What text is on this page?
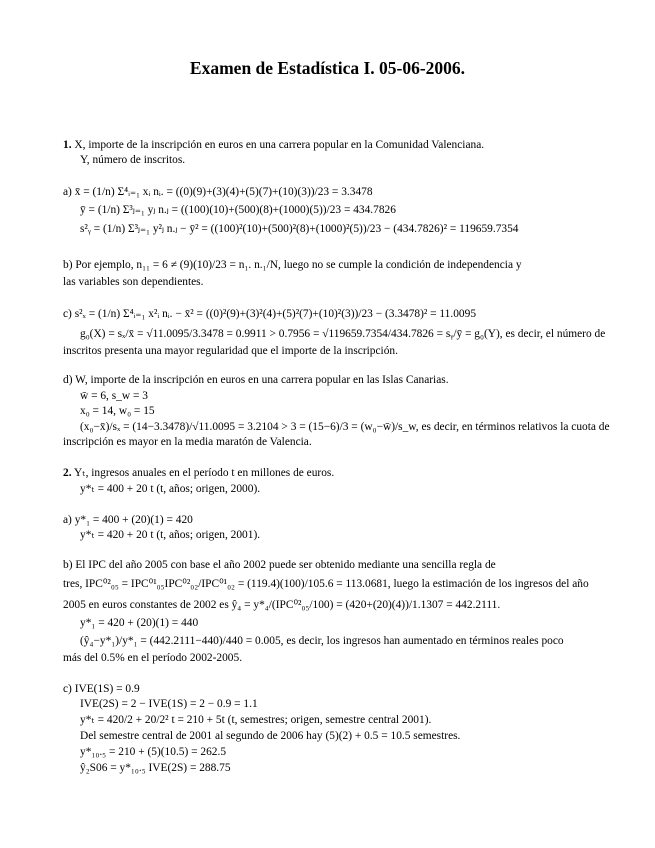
Examen de Estadística I. 05-06-2006.
1. X, importe de la inscripción en euros en una carrera popular en la Comunidad Valenciana.
Y, número de inscritos.
a) x̄ = (1/n) Σ⁴ᵢ₌₁ xᵢ nᵢ. = ((0)(9)+(3)(4)+(5)(7)+(10)(3))/23 = 3.3478
ȳ = (1/n) Σ³ⱼ₌₁ yⱼ n.ⱼ = ((100)(10)+(500)(8)+(1000)(5))/23 = 434.7826
s²ᵧ = (1/n) Σ³ⱼ₌₁ y²ⱼ n.ⱼ − ȳ² = ((100)²(10)+(500)²(8)+(1000)²(5))/23 − (434.7826)² = 119659.7354
b) Por ejemplo, n₁₁ = 6 ≠ (9)(10)/23 = n₁. n.₁/N, luego no se cumple la condición de independencia y
las variables son dependientes.
c) s²ₓ = (1/n) Σ⁴ᵢ₌₁ x²ᵢ nᵢ. − x̄² = ((0)²(9)+(3)²(4)+(5)²(7)+(10)²(3))/23 − (3.3478)² = 11.0095
g₀(X) = sₓ/x̄ = √11.0095/3.3478 = 0.9911 > 0.7956 = √119659.7354/434.7826 = sᵧ/ȳ = g₀(Y), es decir, el número de
inscritos presenta una mayor regularidad que el importe de la inscripción.
d) W, importe de la inscripción en euros en una carrera popular en las Islas Canarias.
w̄ = 6, s_w = 3
x₀ = 14, w₀ = 15
(x₀−x̄)/sₓ = (14−3.3478)/√11.0095 = 3.2104 > 3 = (15−6)/3 = (w₀−w̄)/s_w, es decir, en términos relativos la cuota de
inscripción es mayor en la media maratón de Valencia.
2. Yₜ, ingresos anuales en el período t en millones de euros.
y*ₜ = 400 + 20 t (t, años; origen, 2000).
a) y*₁ = 400 + (20)(1) = 420
y*ₜ = 420 + 20 t (t, años; origen, 2001).
b) El IPC del año 2005 con base el año 2002 puede ser obtenido mediante una sencilla regla de
tres, IPC⁰²₀₅ = IPC⁰¹₀₅IPC⁰²₀₂/IPC⁰¹₀₂ = (119.4)(100)/105.6 = 113.0681, luego la estimación de los ingresos del año
2005 en euros constantes de 2002 es ŷ₄ = y*₄/(IPC⁰²₀₅/100) = (420+(20)(4))/1.1307 = 442.2111.
y*₁ = 420 + (20)(1) = 440
(ŷ₄−y*₁)/y*₁ = (442.2111−440)/440 = 0.005, es decir, los ingresos han aumentado en términos reales poco
más del 0.5% en el período 2002-2005.
c) IVE(1S) = 0.9
IVE(2S) = 2 − IVE(1S) = 2 − 0.9 = 1.1
y*ₜ = 420/2 + 20/2² t = 210 + 5t (t, semestres; origen, semestre central 2001).
Del semestre central de 2001 al segundo de 2006 hay (5)(2) + 0.5 = 10.5 semestres.
y*₁₀.₅ = 210 + (5)(10.5) = 262.5
ŷ₂S06 = y*₁₀.₅ IVE(2S) = 288.75
